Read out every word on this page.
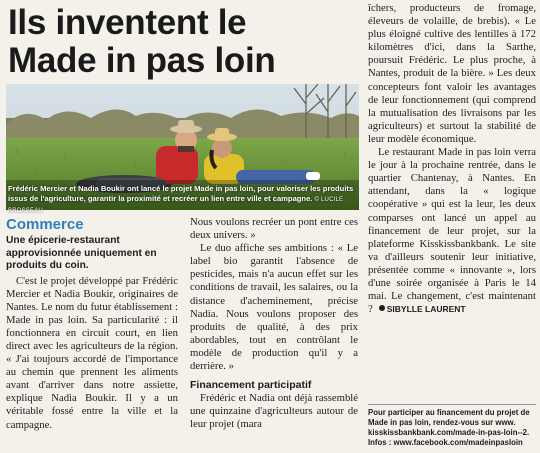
Ils inventent le
Made in pas loin
Frédéric Mercier et Nadia Boukir ont lancé le projet Made in pas loin, pour valoriser les produits
issus de l'agriculture, garantir la proximité et recréer un lien entre ville et campagne. © LUCILE BROSSEAU
Commerce
Une épicerie-restaurant approvisionnée uniquement en produits du coin.

C'est le projet développé par Frédéric Mercier et Nadia Boukir, originaires de Nantes. Le nom du futur établissement : Made in pas loin. Sa particularité : il fonctionnera en circuit court, en lien direct avec les agriculteurs de la région. « J'ai toujours accordé de l'importance au chemin que prennent les aliments avant d'arriver dans notre assiette, explique Nadia Boukir. Il y a un véritable fossé entre la ville et la campagne.

Nous voulons recréer un pont entre ces deux univers. »

Le duo affiche ses ambitions : « Le label bio garantit l'absence de pesticides, mais n'a aucun effet sur les conditions de travail, les salaires, ou la distance d'acheminement, précise Nadia. Nous voulons proposer des produits de qualité, à des prix abordables, tout en contrôlant le modèle de production qu'il y a derrière. »

Financement participatif

Frédéric et Nadia ont déjà rassemblé une quinzaine d'agriculteurs autour de leur projet (mara

îchers, producteurs de fromage, éleveurs de volaille, de brebis). « Le plus éloigné cultive des lentilles à 172 kilomètres d'ici, dans la Sarthe, poursuit Frédéric. Le plus proche, à Nantes, produit de la bière. » Les deux concepteurs font valoir les avantages de leur fonctionnement (qui comprend la mutualisation des livraisons par les agriculteurs) et surtout la stabilité de leur modèle économique.

Le restaurant Made in pas loin verra le jour à la prochaine rentrée, dans le quartier Chantenay, à Nantes. En attendant, dans la « logique coopérative » qui est la leur, les deux comparses ont lancé un appel au financement de leur projet, sur la plateforme Kisskissbankbank. Le site va d'ailleurs soutenir leur initiative, présentée comme « innovante », lors d'une soirée organisée à Paris le 14 mai. Le changement, c'est maintenant ? SIBYLLE LAURENT

Pour participer au financement du projet de
Made in pas loin, rendez-vous sur www.
kisskissbankbank.com/made-in-pas-loin--2.
Infos : www.facebook.com/madeinpasloin
